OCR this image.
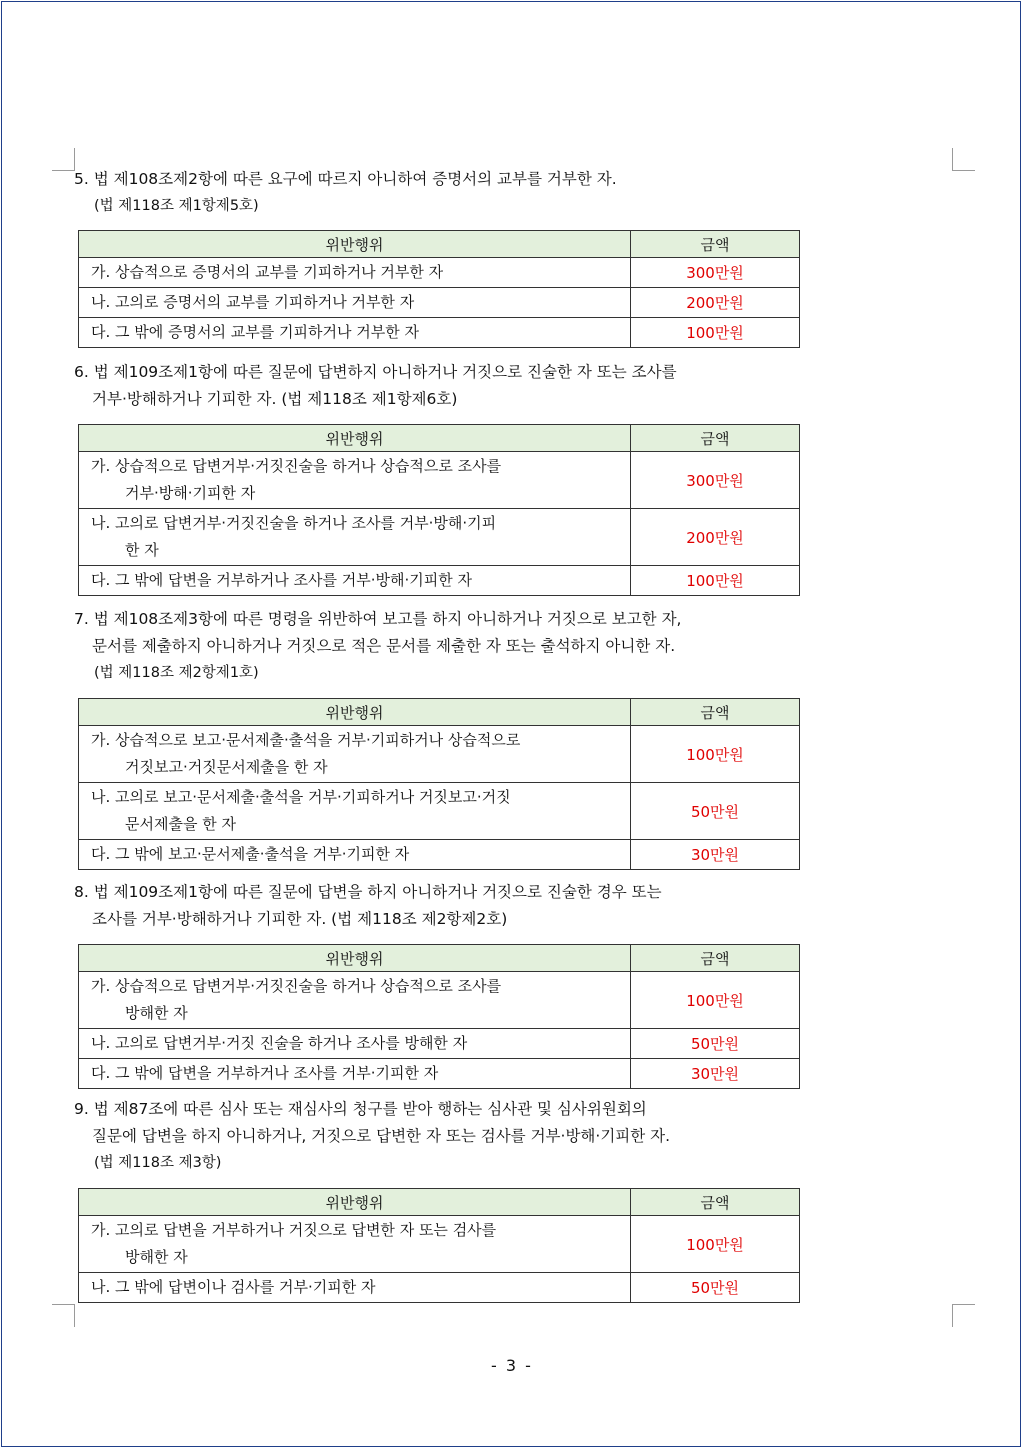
5. 법 제108조제2항에 따른 요구에 따르지 아니하여 증명서의 교부를 거부한 자.
(법 제118조 제1항제5호)

위반행위	금액
가. 상습적으로 증명서의 교부를 기피하거나 거부한 자	300만원
나. 고의로 증명서의 교부를 기피하거나 거부한 자	200만원
다. 그 밖에 증명서의 교부를 기피하거나 거부한 자	100만원

6. 법 제109조제1항에 따른 질문에 답변하지 아니하거나 거짓으로 진술한 자 또는 조사를
거부·방해하거나 기피한 자. (법 제118조 제1항제6호)

위반행위	금액
가. 상습적으로 답변거부·거짓진술을 하거나 상습적으로 조사를
거부·방해·기피한 자	300만원
나. 고의로 답변거부·거짓진술을 하거나 조사를 거부·방해·기피
한 자	200만원
다. 그 밖에 답변을 거부하거나 조사를 거부·방해·기피한 자	100만원

7. 법 제108조제3항에 따른 명령을 위반하여 보고를 하지 아니하거나 거짓으로 보고한 자,
문서를 제출하지 아니하거나 거짓으로 적은 문서를 제출한 자 또는 출석하지 아니한 자.
(법 제118조 제2항제1호)

위반행위	금액
가. 상습적으로 보고·문서제출·출석을 거부·기피하거나 상습적으로
거짓보고·거짓문서제출을 한 자	100만원
나. 고의로 보고·문서제출·출석을 거부·기피하거나 거짓보고·거짓
문서제출을 한 자	50만원
다. 그 밖에 보고·문서제출·출석을 거부·기피한 자	30만원

8. 법 제109조제1항에 따른 질문에 답변을 하지 아니하거나 거짓으로 진술한 경우 또는
조사를 거부·방해하거나 기피한 자. (법 제118조 제2항제2호)

위반행위	금액
가. 상습적으로 답변거부·거짓진술을 하거나 상습적으로 조사를
방해한 자	100만원
나. 고의로 답변거부·거짓 진술을 하거나 조사를 방해한 자	50만원
다. 그 밖에 답변을 거부하거나 조사를 거부·기피한 자	30만원

9. 법 제87조에 따른 심사 또는 재심사의 청구를 받아 행하는 심사관 및 심사위원회의
질문에 답변을 하지 아니하거나, 거짓으로 답변한 자 또는 검사를 거부·방해·기피한 자.
(법 제118조 제3항)

위반행위	금액
가. 고의로 답변을 거부하거나 거짓으로 답변한 자 또는 검사를
방해한 자	100만원
나. 그 밖에 답변이나 검사를 거부·기피한 자	50만원
- 3 -
